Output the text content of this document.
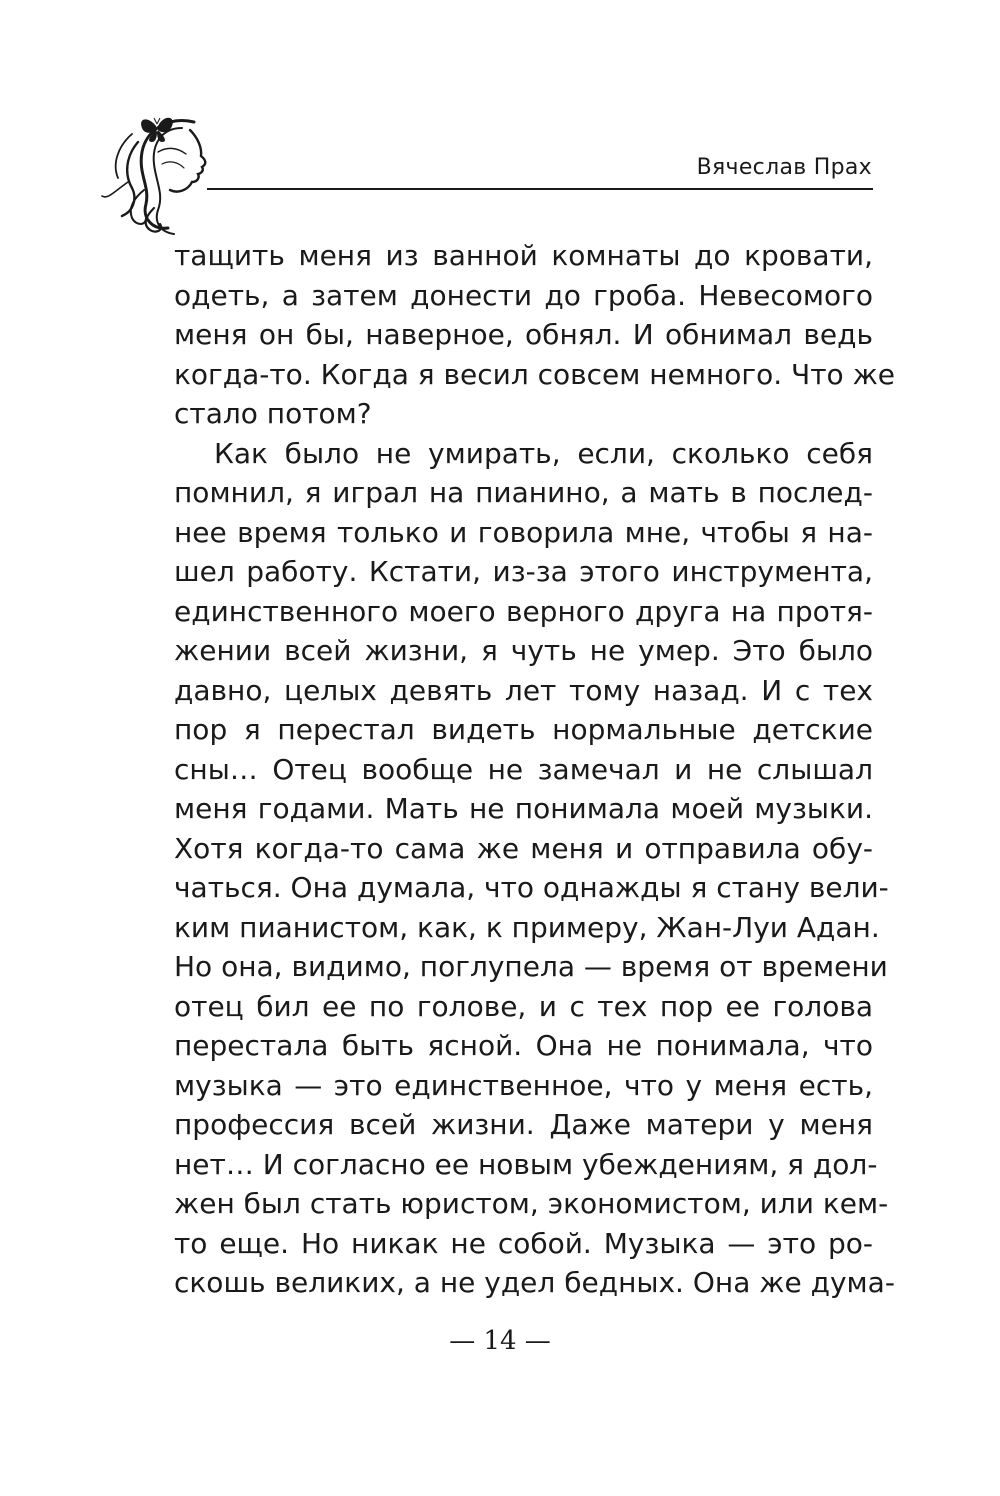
Вячеслав Прах
тащить меня из ванной комнаты до кровати,
одеть, а затем донести до гроба. Невесомого
меня он бы, наверное, обнял. И обнимал ведь
когда-то. Когда я весил совсем немного. Что же
стало потом?
Как было не умирать, если, сколько себя
помнил, я играл на пианино, а мать в послед-
нее время только и говорила мне, чтобы я на-
шел работу. Кстати, из-за этого инструмента,
единственного моего верного друга на протя-
жении всей жизни, я чуть не умер. Это было
давно, целых девять лет тому назад. И с тех
пор я перестал видеть нормальные детские
сны… Отец вообще не замечал и не слышал
меня годами. Мать не понимала моей музыки.
Хотя когда-то сама же меня и отправила обу-
чаться. Она думала, что однажды я стану вели-
ким пианистом, как, к примеру, Жан-Луи Адан.
Но она, видимо, поглупела — время от времени
отец бил ее по голове, и с тех пор ее голова
перестала быть ясной. Она не понимала, что
музыка — это единственное, что у меня есть,
профессия всей жизни. Даже матери у меня
нет… И согласно ее новым убеждениям, я дол-
жен был стать юристом, экономистом, или кем-
то еще. Но никак не собой. Музыка — это ро-
скошь великих, а не удел бедных. Она же дума-
— 14 —
